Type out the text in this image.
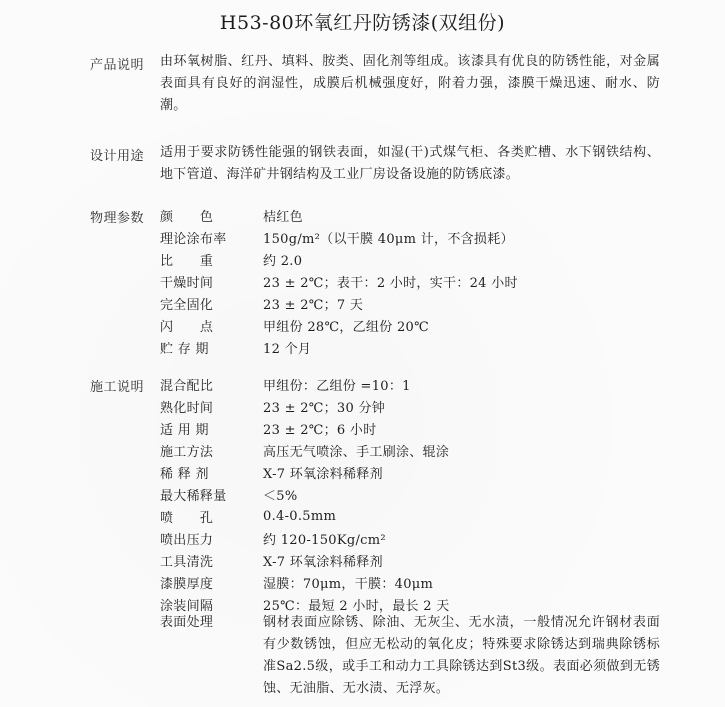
H53-80环氧红丹防锈漆(双组份)
产品说明 由环氧树脂、红丹、填料、胺类、固化剂等组成。该漆具有优良的防锈性能，对金属表面具有良好的润湿性，成膜后机械强度好，附着力强，漆膜干燥迅速、耐水、防潮。
设计用途 适用于要求防锈性能强的钢铁表面，如湿(干)式煤气柜、各类贮槽、水下钢铁结构、地下管道、海洋矿井钢结构及工业厂房设备设施的防锈底漆。
物理参数 颜　　色	桔红色
理论涂布率	150g/m²（以干膜 40μm 计，不含损耗）
比　　重	约 2.0
干燥时间	23 ± 2℃；表干：2 小时，实干：24 小时
完全固化	23 ± 2℃；7 天
闪　　点	甲组份 28℃，乙组份 20℃
贮 存 期	12 个月
施工说明 混合配比	甲组份：乙组份 =10：1
熟化时间	23 ± 2℃；30 分钟
适 用 期	23 ± 2℃；6 小时
施工方法	高压无气喷涂、手工刷涂、辊涂
稀 释 剂	X-7 环氧涂料稀释剂
最大稀释量	＜5%
喷　　孔	0.4-0.5mm
喷出压力	约 120-150Kg/cm²
工具清洗	X-7 环氧涂料稀释剂
漆膜厚度	湿膜：70μm，干膜：40μm
涂装间隔	25℃：最短 2 小时，最长 2 天
表面处理	钢材表面应除锈、除油、无灰尘、无水渍，一般情况允许钢材表面有少数锈蚀，但应无松动的氧化皮；特殊要求除锈达到瑞典除锈标准Sa2.5级，或手工和动力工具除锈达到St3级。表面必须做到无锈蚀、无油脂、无水渍、无浮灰。
